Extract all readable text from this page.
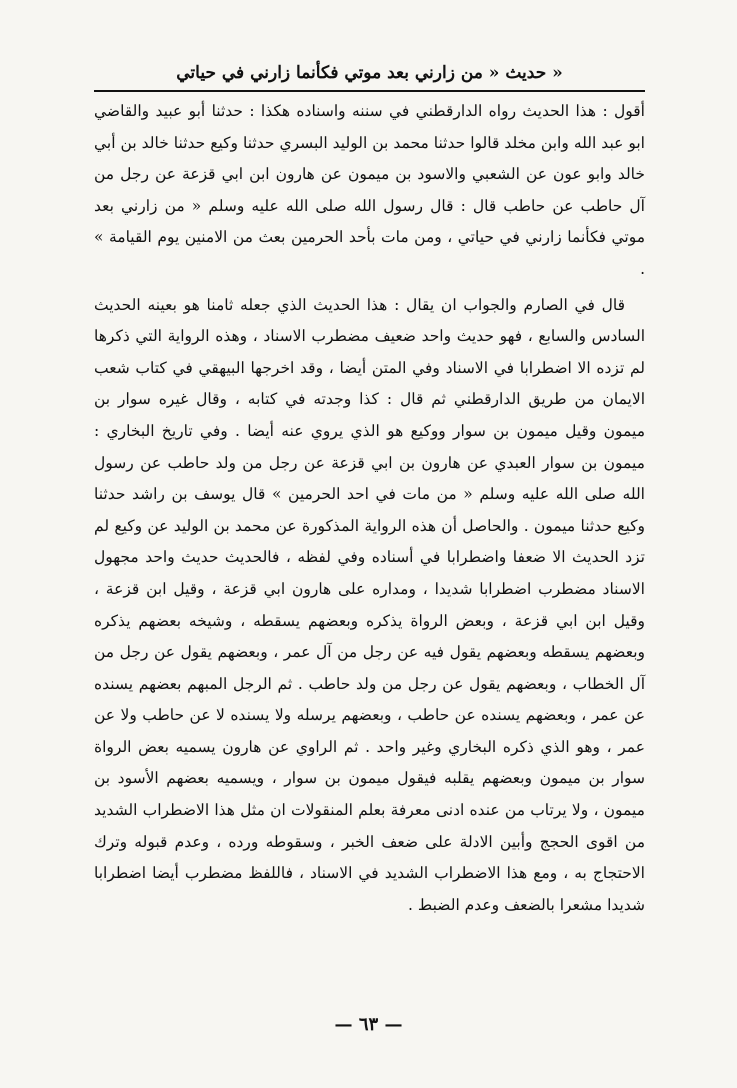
حديث « من زارني بعد موتي فكأنما زارني في حياتي »

أقول : هذا الحديث رواه الدارقطني في سننه واسناده هكذا : حدثنا أبو عبيد والقاضي ابو عبد الله وابن مخلد قالوا حدثنا محمد بن الوليد البسري حدثنا وكيع حدثنا خالد بن أبي خالد وابو عون عن الشعبي والاسود بن ميمون عن هارون ابن ابي قزعة عن رجل من آل حاطب عن حاطب قال : قال رسول الله صلى الله عليه وسلم « من زارني بعد موتي فكأنما زارني في حياتي ، ومن مات بأحد الحرمين بعث من الامنين يوم القيامة » .

قال في الصارم والجواب ان يقال : هذا الحديث الذي جعله ثامنا هو بعينه الحديث السادس والسابع ، فهو حديث واحد ضعيف مضطرب الاسناد ، وهذه الرواية التي ذكرها لم تزده الا اضطرابا في الاسناد وفي المتن أيضا ، وقد اخرجها البيهقي في كتاب شعب الايمان من طريق الدارقطني ثم قال : كذا وجدته في كتابه ، وقال غيره سوار بن ميمون وقيل ميمون بن سوار ووكيع هو الذي يروي عنه أيضا . وفي تاريخ البخاري : ميمون بن سوار العبدي عن هارون بن ابي قزعة عن رجل من ولد حاطب عن رسول الله صلى الله عليه وسلم « من مات في احد الحرمين » قال يوسف بن راشد حدثنا وكيع حدثنا ميمون . والحاصل أن هذه الرواية المذكورة عن محمد بن الوليد عن وكيع لم تزد الحديث الا ضعفا واضطرابا في أسناده وفي لفظه ، فالحديث حديث واحد مجهول الاسناد مضطرب اضطرابا شديدا ، ومداره على هارون ابي قزعة ، وقيل ابن قزعة ، وقيل ابن ابي قزعة ، وبعض الرواة يذكره وبعضهم يسقطه ، وشيخه بعضهم يذكره وبعضهم يسقطه وبعضهم يقول فيه عن رجل من آل عمر ، وبعضهم يقول عن رجل من آل الخطاب ، وبعضهم يقول عن رجل من ولد حاطب . ثم الرجل المبهم بعضهم يسنده عن عمر ، وبعضهم يسنده عن حاطب ، وبعضهم يرسله ولا يسنده لا عن حاطب ولا عن عمر ، وهو الذي ذكره البخاري وغير واحد . ثم الراوي عن هارون يسميه بعض الرواة سوار بن ميمون وبعضهم يقلبه فيقول ميمون بن سوار ، ويسميه بعضهم الأسود بن ميمون ، ولا يرتاب من عنده ادنى معرفة بعلم المنقولات ان مثل هذا الاضطراب الشديد من اقوى الحجج وأبين الادلة على ضعف الخبر ، وسقوطه ورده ، وعدم قبوله وترك الاحتجاج به ، ومع هذا الاضطراب الشديد في الاسناد ، فاللفظ مضطرب أيضا اضطرابا شديدا مشعرا بالضعف وعدم الضبط .

— ٦٣ —
